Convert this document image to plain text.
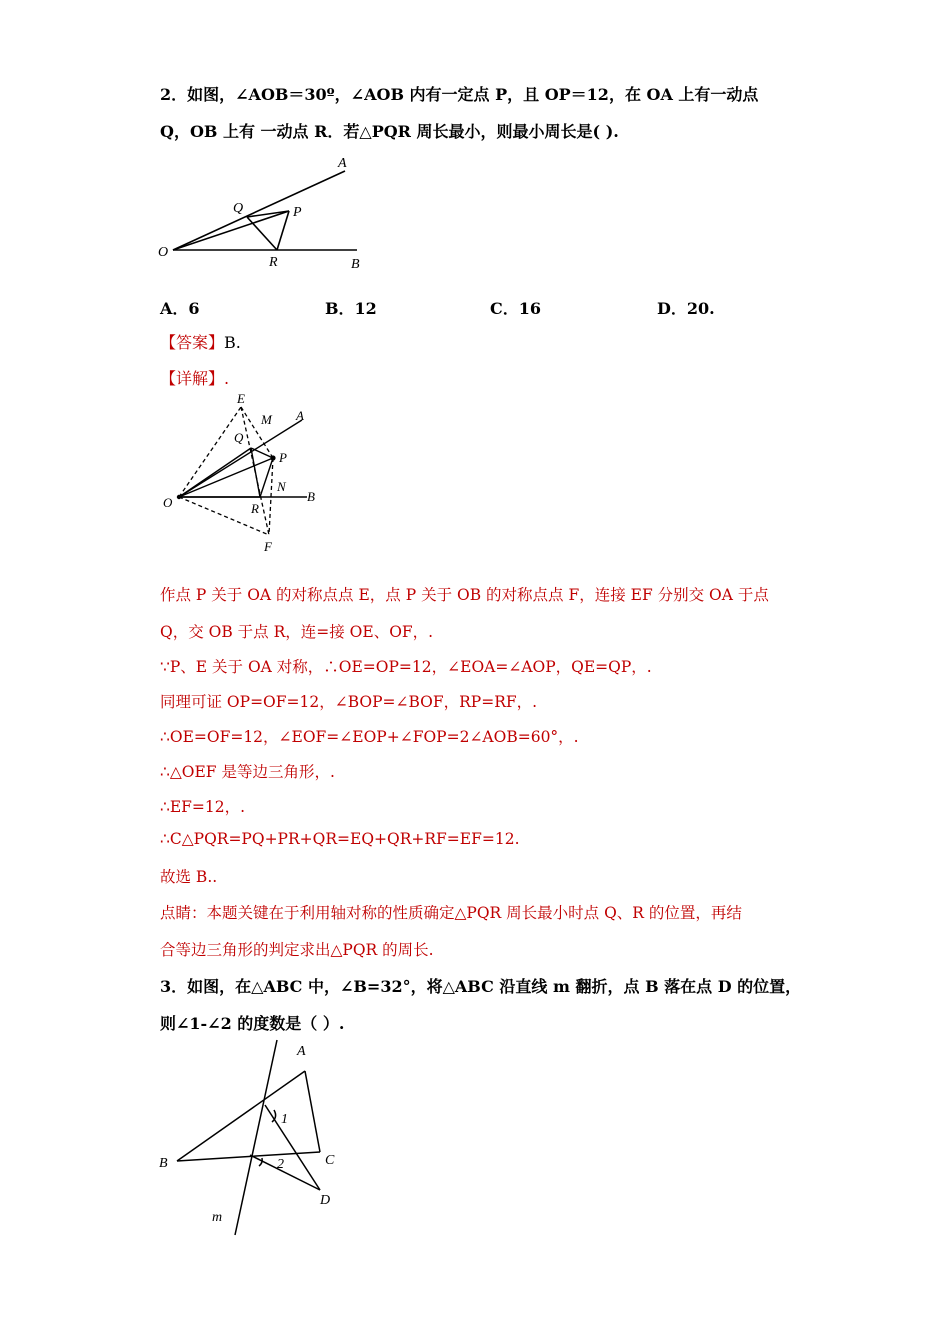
2．如图，∠AOB＝30º，∠AOB 内有一定点 P，且 OP＝12，在 OA 上有一动点
Q，OB 上有 一动点 R．若△PQR 周长最小，则最小周长是( ).
A
B
O
P
Q
R
A．6	B．12	C．16	D．20.
【答案】B.
【详解】.
E
M A
Q
P
N
B
O	R
F
作点 P 关于 OA 的对称点点 E，点 P 关于 OB 的对称点点 F，连接 EF 分别交 OA 于点
Q，交 OB 于点 R，连=接 OE、OF，.
∵P、E 关于 OA 对称，∴OE=OP=12，∠EOA=∠AOP，QE=QP，.
同理可证 OP=OF=12，∠BOP=∠BOF，RP=RF，.
∴OE=OF=12，∠EOF=∠EOP+∠FOP=2∠AOB=60°，.
∴△OEF 是等边三角形，.
∴EF=12，.
∴C△PQR=PQ+PR+QR=EQ+QR+RF=EF=12.
故选 B..
点睛：本题关键在于利用轴对称的性质确定△PQR 周长最小时点 Q、R 的位置，再结
合等边三角形的判定求出△PQR 的周长.
3．如图，在△ABC 中，∠B=32°，将△ABC 沿直线 m 翻折，点 B 落在点 D 的位置，
则∠1-∠2 的度数是（ ）.
A
B	C
D
m
1
2
